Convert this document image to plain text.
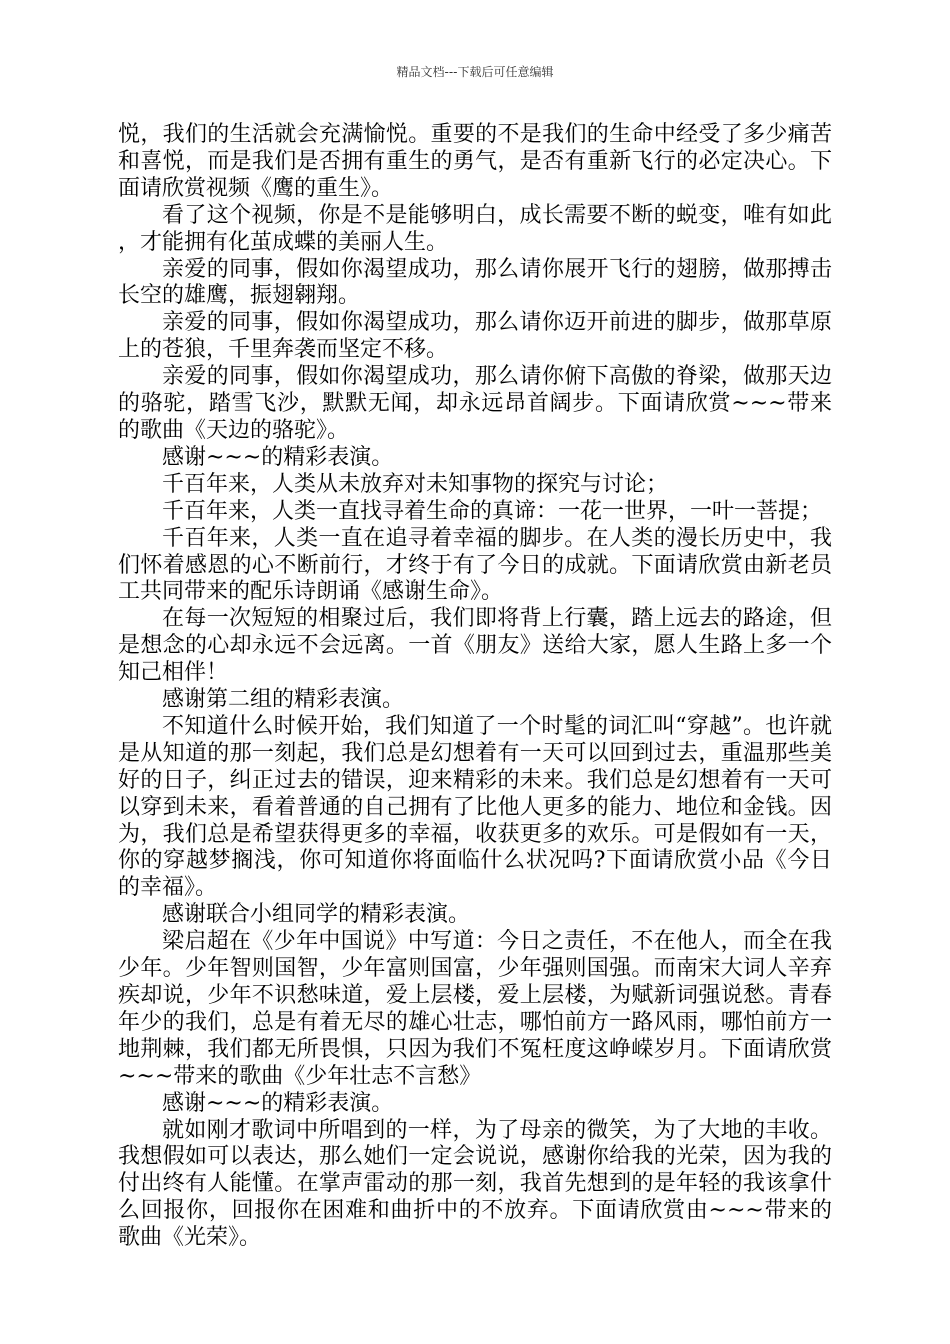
精品文档---下载后可任意编辑

悦，我们的生活就会充满愉悦。重要的不是我们的生命中经受了多少痛苦和喜悦，而是我们是否拥有重生的勇气，是否有重新飞行的必定决心。下面请欣赏视频《鹰的重生》。

看了这个视频，你是不是能够明白，成长需要不断的蜕变，唯有如此，才能拥有化茧成蝶的美丽人生。

亲爱的同事，假如你渴望成功，那么请你展开飞行的翅膀，做那搏击长空的雄鹰，振翅翱翔。

亲爱的同事，假如你渴望成功，那么请你迈开前进的脚步，做那草原上的苍狼，千里奔袭而坚定不移。

亲爱的同事，假如你渴望成功，那么请你俯下高傲的脊梁，做那天边的骆驼，踏雪飞沙，默默无闻，却永远昂首阔步。下面请欣赏~~~带来的歌曲《天边的骆驼》。

感谢~~~的精彩表演。

千百年来，人类从未放弃对未知事物的探究与讨论；

千百年来，人类一直找寻着生命的真谛：一花一世界，一叶一菩提；

千百年来，人类一直在追寻着幸福的脚步。在人类的漫长历史中，我们怀着感恩的心不断前行，才终于有了今日的成就。下面请欣赏由新老员工共同带来的配乐诗朗诵《感谢生命》。

在每一次短短的相聚过后，我们即将背上行囊，踏上远去的路途，但是想念的心却永远不会远离。一首《朋友》送给大家，愿人生路上多一个知己相伴！

感谢第二组的精彩表演。

不知道什么时候开始，我们知道了一个时髦的词汇叫“穿越”。也许就是从知道的那一刻起，我们总是幻想着有一天可以回到过去，重温那些美好的日子，纠正过去的错误，迎来精彩的未来。我们总是幻想着有一天可以穿到未来，看着普通的自己拥有了比他人更多的能力、地位和金钱。因为，我们总是希望获得更多的幸福，收获更多的欢乐。可是假如有一天，你的穿越梦搁浅，你可知道你将面临什么状况吗?下面请欣赏小品《今日的幸福》。

感谢联合小组同学的精彩表演。

梁启超在《少年中国说》中写道：今日之责任，不在他人，而全在我少年。少年智则国智，少年富则国富，少年强则国强。而南宋大词人辛弃疾却说，少年不识愁味道，爱上层楼，爱上层楼，为赋新词强说愁。青春年少的我们，总是有着无尽的雄心壮志，哪怕前方一路风雨，哪怕前方一地荆棘，我们都无所畏惧，只因为我们不冤枉度这峥嵘岁月。下面请欣赏~~~带来的歌曲《少年壮志不言愁》

感谢~~~的精彩表演。

就如刚才歌词中所唱到的一样，为了母亲的微笑，为了大地的丰收。我想假如可以表达，那么她们一定会说说，感谢你给我的光荣，因为我的付出终有人能懂。在掌声雷动的那一刻，我首先想到的是年轻的我该拿什么回报你，回报你在困难和曲折中的不放弃。下面请欣赏由~~~带来的歌曲《光荣》。
